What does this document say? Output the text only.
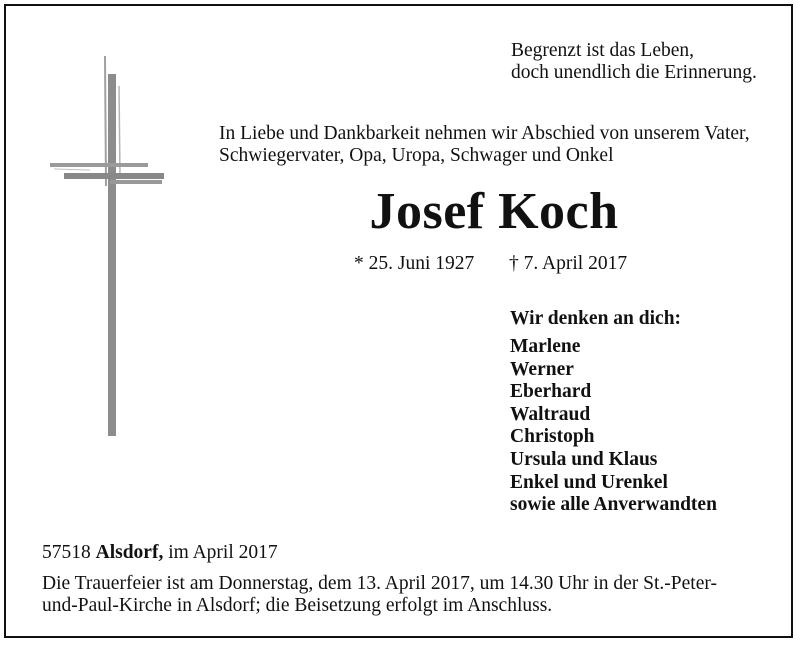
Begrenzt ist das Leben,
doch unendlich die Erinnerung.
In Liebe und Dankbarkeit nehmen wir Abschied von unserem Vater,
Schwiegervater, Opa, Uropa, Schwager und Onkel
Josef Koch
* 25. Juni 1927 † 7. April 2017
Wir denken an dich:
Marlene
Werner
Eberhard
Waltraud
Christoph
Ursula und Klaus
Enkel und Urenkel
sowie alle Anverwandten
57518 Alsdorf, im April 2017
Die Trauerfeier ist am Donnerstag, dem 13. April 2017, um 14.30 Uhr in der St.-Peter-
und-Paul-Kirche in Alsdorf; die Beisetzung erfolgt im Anschluss.
